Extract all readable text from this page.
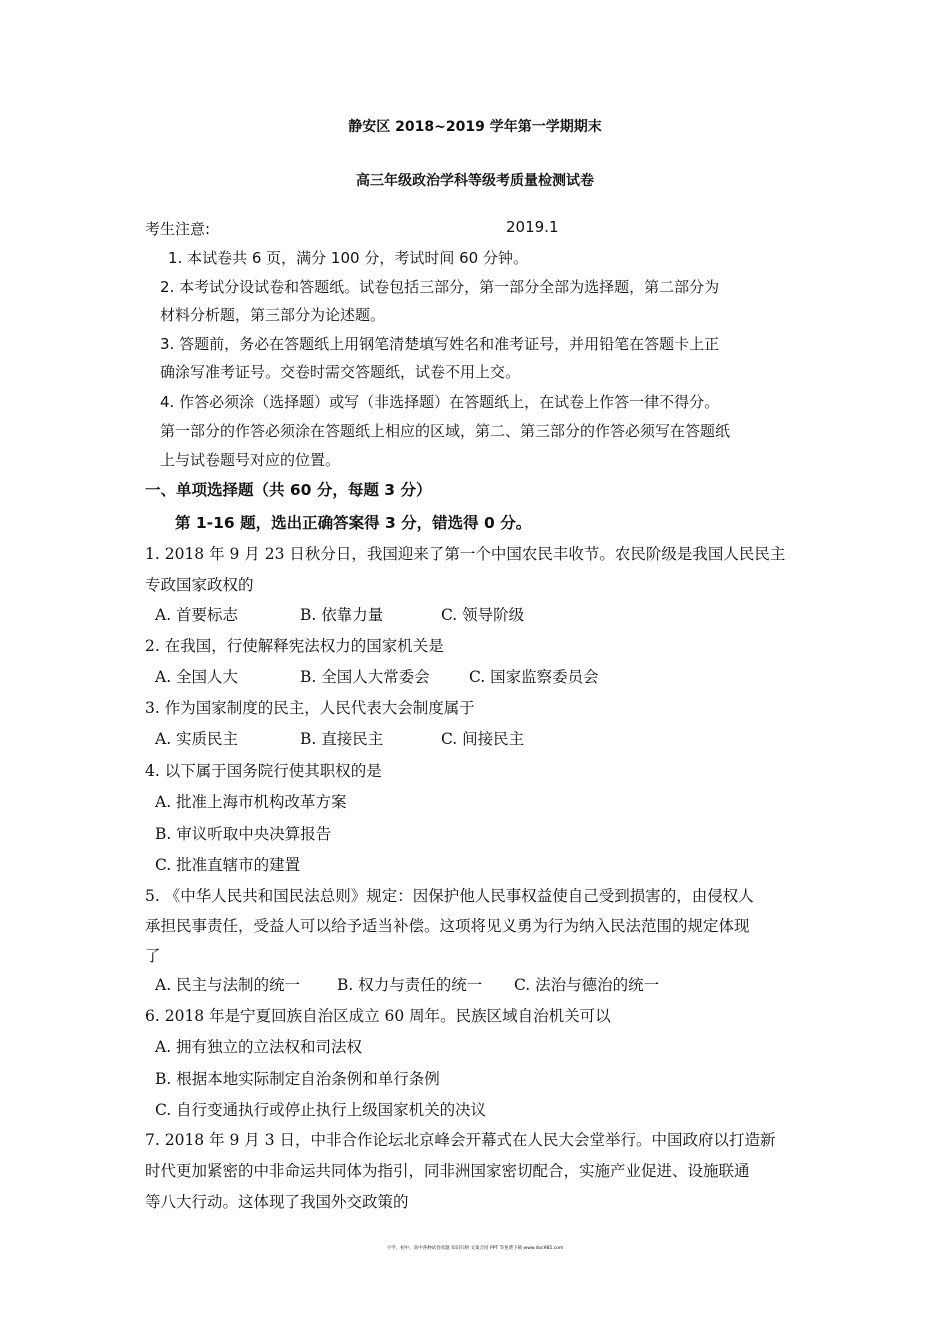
静安区 2018~2019 学年第一学期期末
高三年级政治学科等级考质量检测试卷
考生注意:	2019.1
1. 本试卷共 6 页，满分 100 分，考试时间 60 分钟。
2. 本考试分设试卷和答题纸。试卷包括三部分，第一部分全部为选择题，第二部分为
材料分析题，第三部分为论述题。
3. 答题前，务必在答题纸上用钢笔清楚填写姓名和准考证号，并用铅笔在答题卡上正
确涂写准考证号。交卷时需交答题纸，试卷不用上交。
4. 作答必须涂（选择题）或写（非选择题）在答题纸上，在试卷上作答一律不得分。
第一部分的作答必须涂在答题纸上相应的区域，第二、第三部分的作答必须写在答题纸
上与试卷题号对应的位置。
一、单项选择题（共 60 分，每题 3 分）
第 1-16 题，选出正确答案得 3 分，错选得 0 分。
1. 2018 年 9 月 23 日秋分日，我国迎来了第一个中国农民丰收节。农民阶级是我国人民民主
专政国家政权的
A. 首要标志	B. 依靠力量	C. 领导阶级
2. 在我国，行使解释宪法权力的国家机关是
A. 全国人大	B. 全国人大常委会	C. 国家监察委员会
3. 作为国家制度的民主，人民代表大会制度属于
A. 实质民主	B. 直接民主	C. 间接民主
4. 以下属于国务院行使其职权的是
A. 批准上海市机构改革方案
B. 审议听取中央决算报告
C. 批准直辖市的建置
5. 《中华人民共和国民法总则》规定：因保护他人民事权益使自己受到损害的，由侵权人
承担民事责任，受益人可以给予适当补偿。这项将见义勇为行为纳入民法范围的规定体现
了
A. 民主与法制的统一 B. 权力与责任的统一 C. 法治与德治的统一
6. 2018 年是宁夏回族自治区成立 60 周年。民族区域自治机关可以
A. 拥有独立的立法权和司法权
B. 根据本地实际制定自治条例和单行条例
C. 自行变通执行或停止执行上级国家机关的决议
7. 2018 年 9 月 3 日，中非合作论坛北京峰会开幕式在人民大会堂举行。中国政府以打造新
时代更加紧密的中非命运共同体为指引，同非洲国家密切配合，实施产业促进、设施联通
等八大行动。这体现了我国外交政策的
小学、初中、高中各种试卷真题 知识归纳 文案合同 PPT 等免费下载 www.doc985.com
